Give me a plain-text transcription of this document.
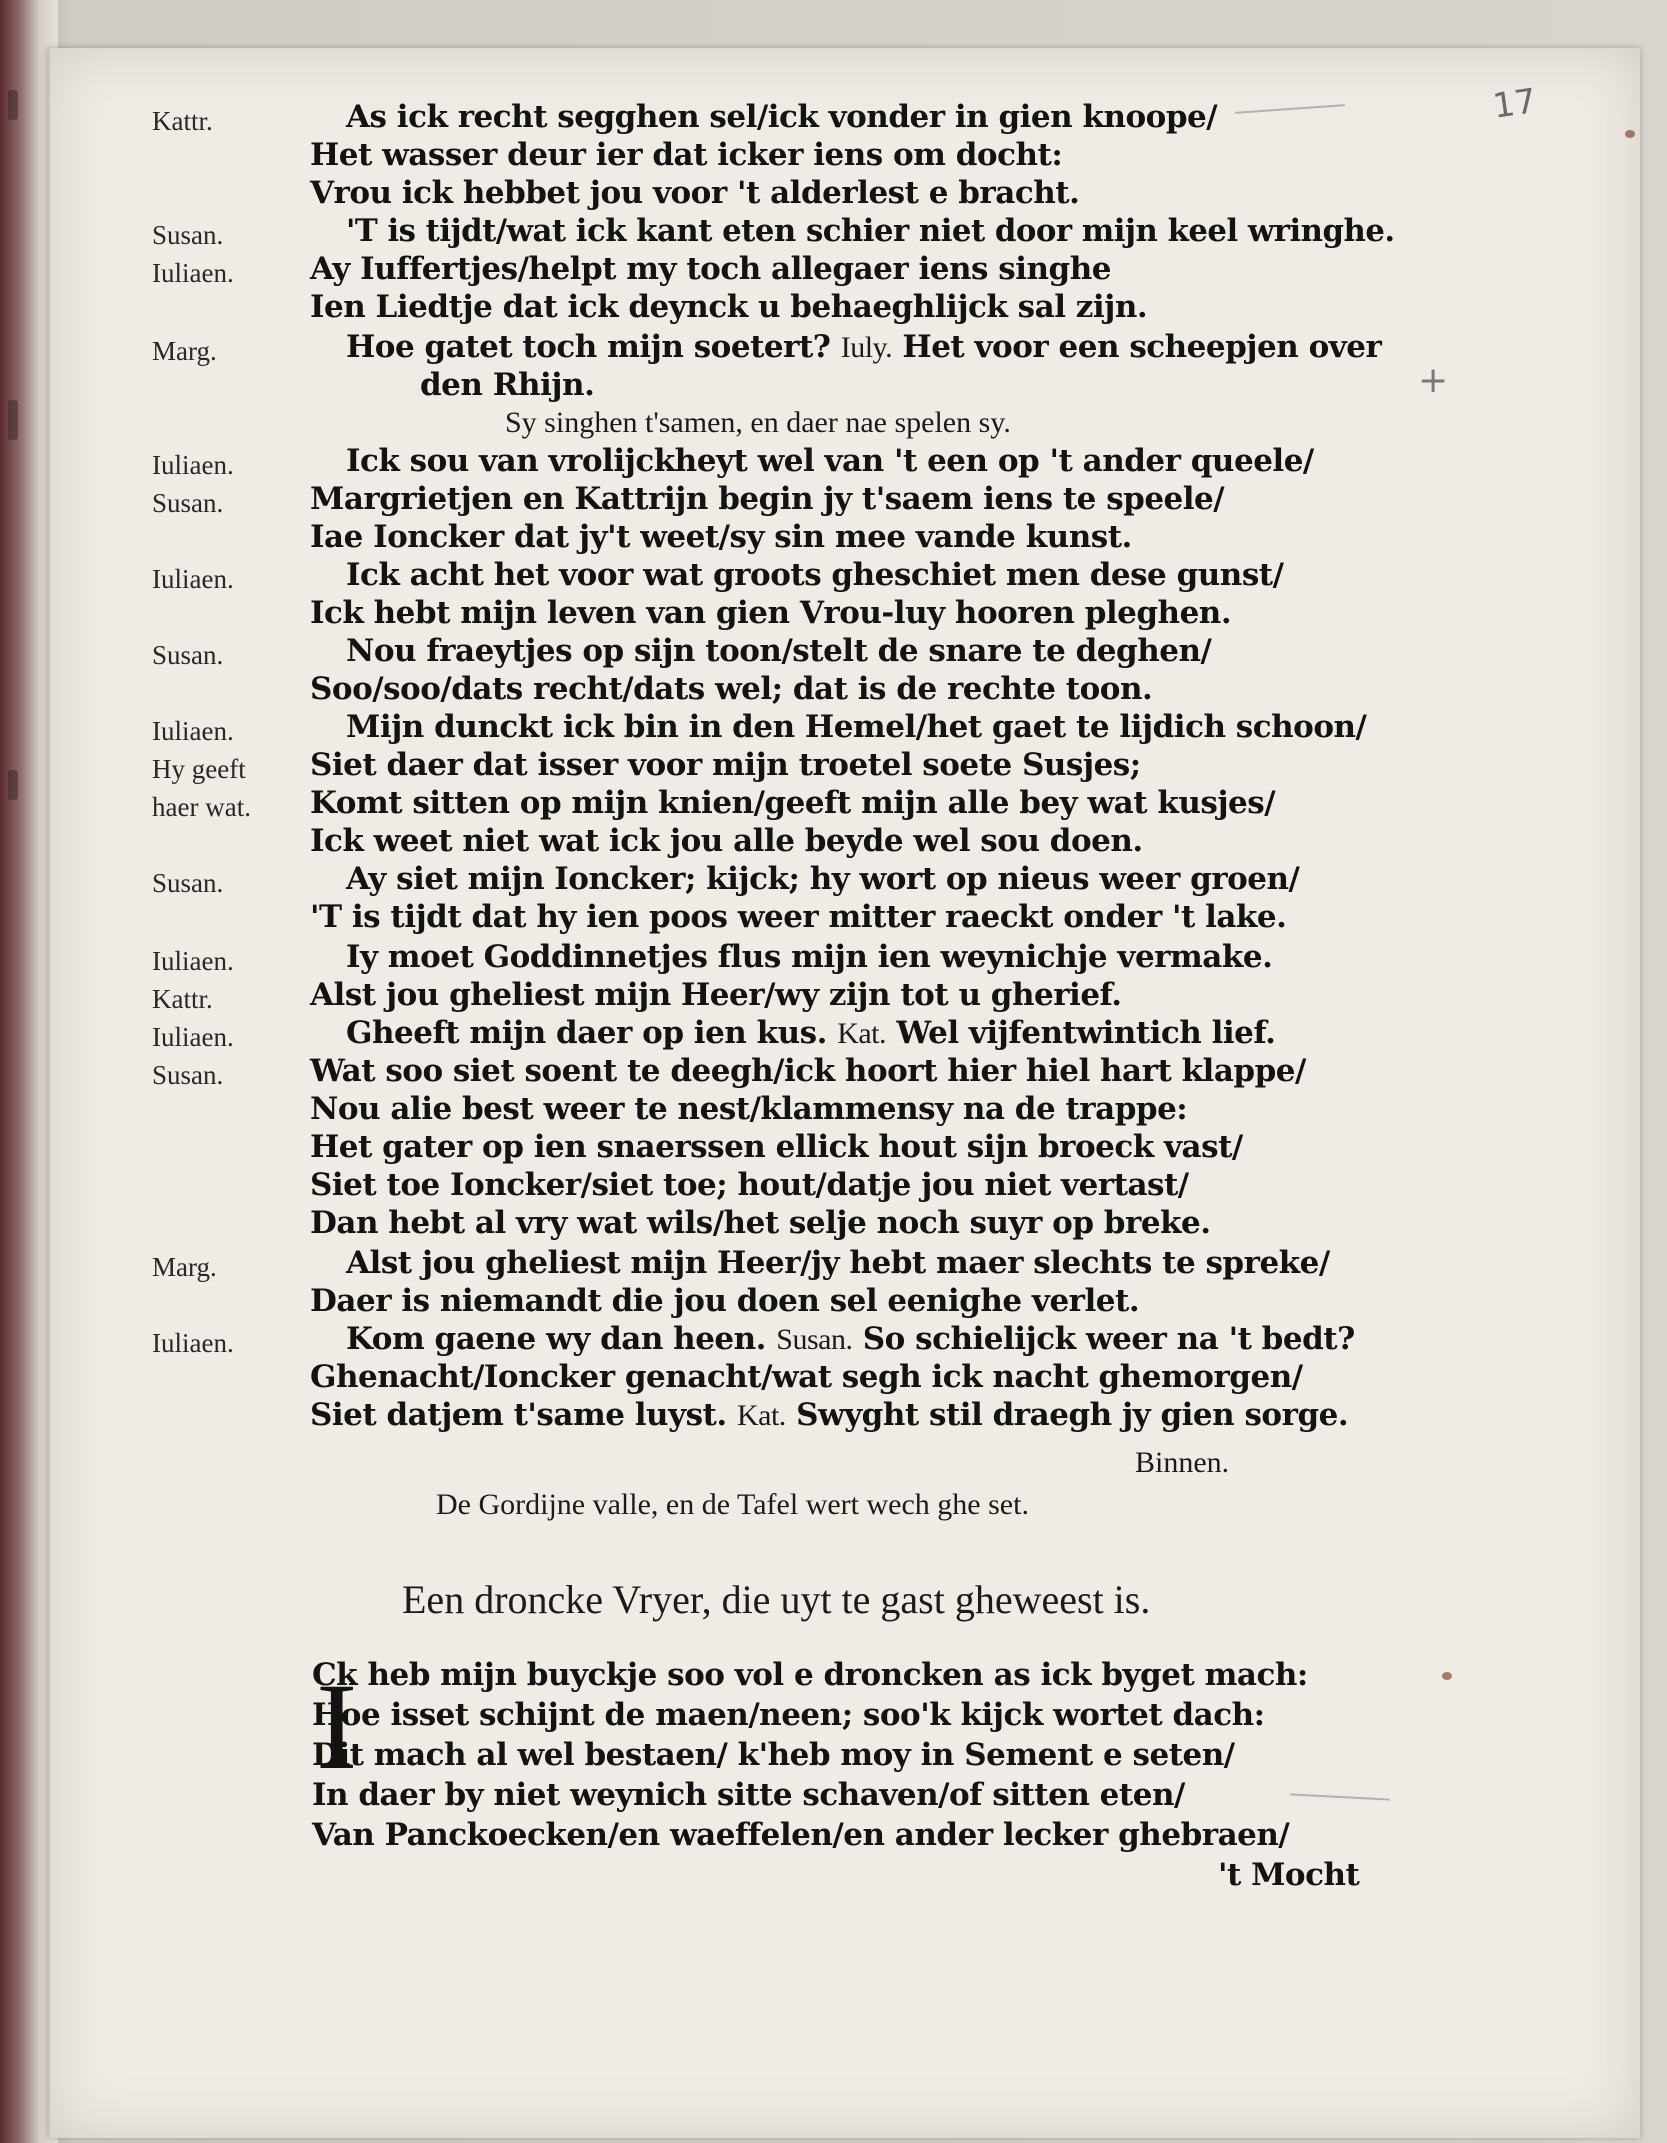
17
+
Kattr.	As ick recht segghen sel/ick vonder in gien knoope/
Het wasser deur ier dat icker iens om docht:
Vrou ick hebbet jou voor 't alderlest e bracht.
Susan.	'T is tijdt/wat ick kant eten schier niet door mijn keel wringhe.
Iuliaen. Ay Iuffertjes/helpt my toch allegaer iens singhe
Ien Liedtje dat ick deynck u behaeghlijck sal zijn.
Marg.	Hoe gatet toch mijn soetert? Iuly. Het voor een scheepjen over
den Rhijn.
Sy singhen t'samen, en daer nae spelen sy.
Iuliaen.	Ick sou van vrolijckheyt wel van 't een op 't ander queele/
Susan.	Margrietjen en Kattrijn begin jy t'saem iens te speele/
Iae Ioncker dat jy't weet/sy sin mee vande kunst.
Iuliaen.	Ick acht het voor wat groots gheschiet men dese gunst/
Ick hebt mijn leven van gien Vrou-luy hooren pleghen.
Susan.	Nou fraeytjes op sijn toon/stelt de snare te deghen/
Soo/soo/dats recht/dats wel; dat is de rechte toon.
Iuliaen.	Mijn dunckt ick bin in den Hemel/het gaet te lijdich schoon/
Hy geeft Siet daer dat isser voor mijn troetel soete Susjes;
haer wat. Komt sitten op mijn knien/geeft mijn alle bey wat kusjes/
Ick weet niet wat ick jou alle beyde wel sou doen.
Susan.	Ay siet mijn Ioncker; kijck; hy wort op nieus weer groen/
'T is tijdt dat hy ien poos weer mitter raeckt onder 't lake.
Iuliaen.	Iy moet Goddinnetjes flus mijn ien weynichje vermake.
Kattr.	Alst jou gheliest mijn Heer/wy zijn tot u gherief.
Iuliaen.	Gheeft mijn daer op ien kus. Kat. Wel vijfentwintich lief.
Susan.	Wat soo siet soent te deegh/ick hoort hier hiel hart klappe/
Nou alie best weer te nest/klammensy na de trappe:
Het gater op ien snaerssen ellick hout sijn broeck vast/
Siet toe Ioncker/siet toe; hout/datje jou niet vertast/
Dan hebt al vry wat wils/het selje noch suyr op breke.
Marg.	Alst jou gheliest mijn Heer/jy hebt maer slechts te spreke/
Daer is niemandt die jou doen sel eenighe verlet.
Iuliaen.	Kom gaene wy dan heen. Susan. So schielijck weer na 't bedt?
Ghenacht/Ioncker genacht/wat segh ick nacht ghemorgen/
Siet datjem t'same luyst. Kat. Swyght stil draegh jy gien sorge.
Binnen.
De Gordijne valle, en de Tafel wert wech ghe set.
Een droncke Vryer, die uyt te gast gheweest is.
I
Ck heb mijn buyckje soo vol e droncken as ick byget mach:
Hoe isset schijnt de maen/neen; soo'k kijck wortet dach:
Dit mach al wel bestaen/ k'heb moy in Sement e seten/
In daer by niet weynich sitte schaven/of sitten eten/
Van Panckoecken/en waeffelen/en ander lecker ghebraen/
't Mocht
